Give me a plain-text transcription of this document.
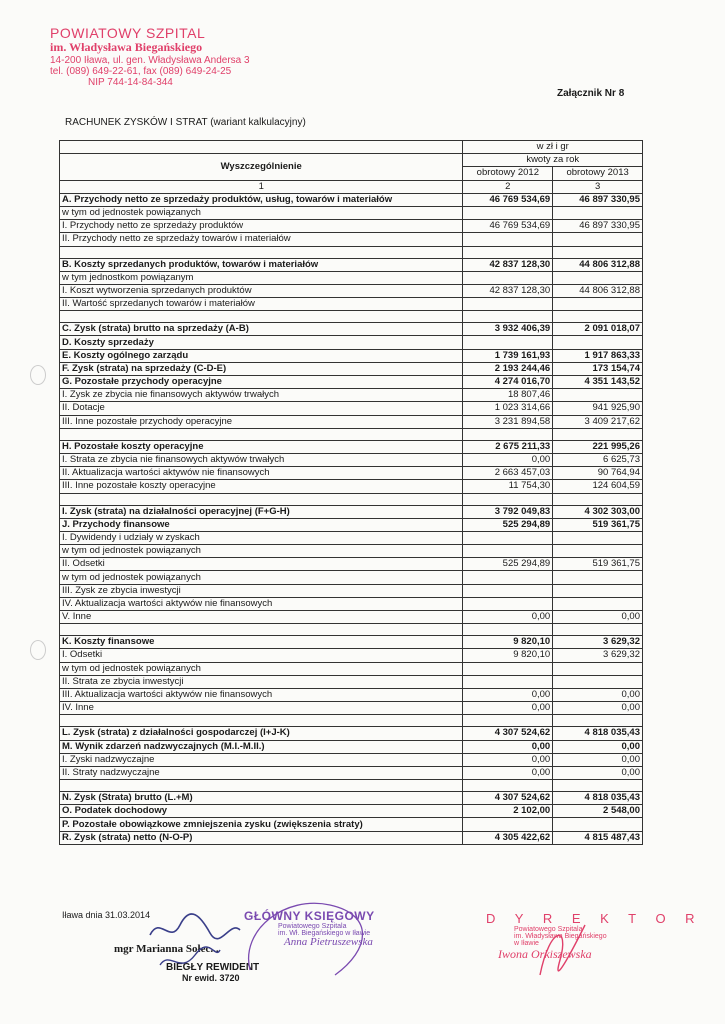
POWIATOWY SZPITAL
im. Władysława Biegańskiego
14-200 Iława, ul. gen. Władysława Andersa 3
tel. (089) 649-22-61, fax (089) 649-24-25
NIP 744-14-84-344
Załącznik Nr 8
RACHUNEK ZYSKÓW I STRAT (wariant kalkulacyjny)
	w zł i gr	
Wyszczególnienie	kwoty za rok	
	obrotowy 2012	obrotowy 2013
1	2	3
A. Przychody netto ze sprzedaży produktów, usług, towarów i materiałów	46 769 534,69	46 897 330,95
w tym od jednostek powiązanych		
I. Przychody netto ze sprzedaży produktów	46 769 534,69	46 897 330,95
II. Przychody netto ze sprzedaży towarów i materiałów		

B. Koszty sprzedanych produktów, towarów i materiałów	42 837 128,30	44 806 312,88
w tym jednostkom powiązanym		
I. Koszt wytworzenia sprzedanych produktów	42 837 128,30	44 806 312,88
II. Wartość sprzedanych towarów i materiałów		

C. Zysk (strata) brutto na sprzedaży (A-B)	3 932 406,39	2 091 018,07
D. Koszty sprzedaży		
E. Koszty ogólnego zarządu	1 739 161,93	1 917 863,33
F. Zysk (strata) na sprzedaży (C-D-E)	2 193 244,46	173 154,74
G. Pozostałe przychody operacyjne	4 274 016,70	4 351 143,52
I. Zysk ze zbycia nie finansowych aktywów trwałych	18 807,46	
II. Dotacje	1 023 314,66	941 925,90
III. Inne pozostałe przychody operacyjne	3 231 894,58	3 409 217,62

H. Pozostałe koszty operacyjne	2 675 211,33	221 995,26
I. Strata ze zbycia nie finansowych aktywów trwałych	0,00	6 625,73
II. Aktualizacja wartości aktywów nie finansowych	2 663 457,03	90 764,94
III. Inne pozostałe koszty operacyjne	11 754,30	124 604,59

I. Zysk (strata) na działalności operacyjnej (F+G-H)	3 792 049,83	4 302 303,00
J. Przychody finansowe	525 294,89	519 361,75
I. Dywidendy i udziały w zyskach		
w tym od jednostek powiązanych		
II. Odsetki	525 294,89	519 361,75
w tym od jednostek powiązanych		
III. Zysk ze zbycia inwestycji		
IV. Aktualizacja wartości aktywów nie finansowych		
V. Inne	0,00	0,00

K. Koszty finansowe	9 820,10	3 629,32
I. Odsetki	9 820,10	3 629,32
w tym od jednostek powiązanych		
II. Strata ze zbycia inwestycji		
III. Aktualizacja wartości aktywów nie finansowych	0,00	0,00
IV. Inne	0,00	0,00

L. Zysk (strata) z działalności gospodarczej (I+J-K)	4 307 524,62	4 818 035,43
M. Wynik zdarzeń nadzwyczajnych (M.I.-M.II.)	0,00	0,00
I. Zyski nadzwyczajne	0,00	0,00
II. Straty nadzwyczajne	0,00	0,00

N. Zysk (Strata) brutto (L.+M)	4 307 524,62	4 818 035,43
O. Podatek dochodowy	2 102,00	2 548,00
P. Pozostałe obowiązkowe zmniejszenia zysku (zwiększenia straty)		
R. Zysk (strata) netto (N-O-P)	4 305 422,62	4 815 487,43
Iława dnia 31.03.2014
mgr Marianna Sołec...
BIEGŁY REWIDENT
Nr ewid. 3720
GŁÓWNY KSIĘGOWY
Powiatowego Szpitala
im. Wł. Biegańskiego w Iławie
Anna Pietruszewska
D Y R E K T O R
Powiatowego Szpitala
im. Władysława Biegańskiego
w Iławie
Iwona Orkiszewska
